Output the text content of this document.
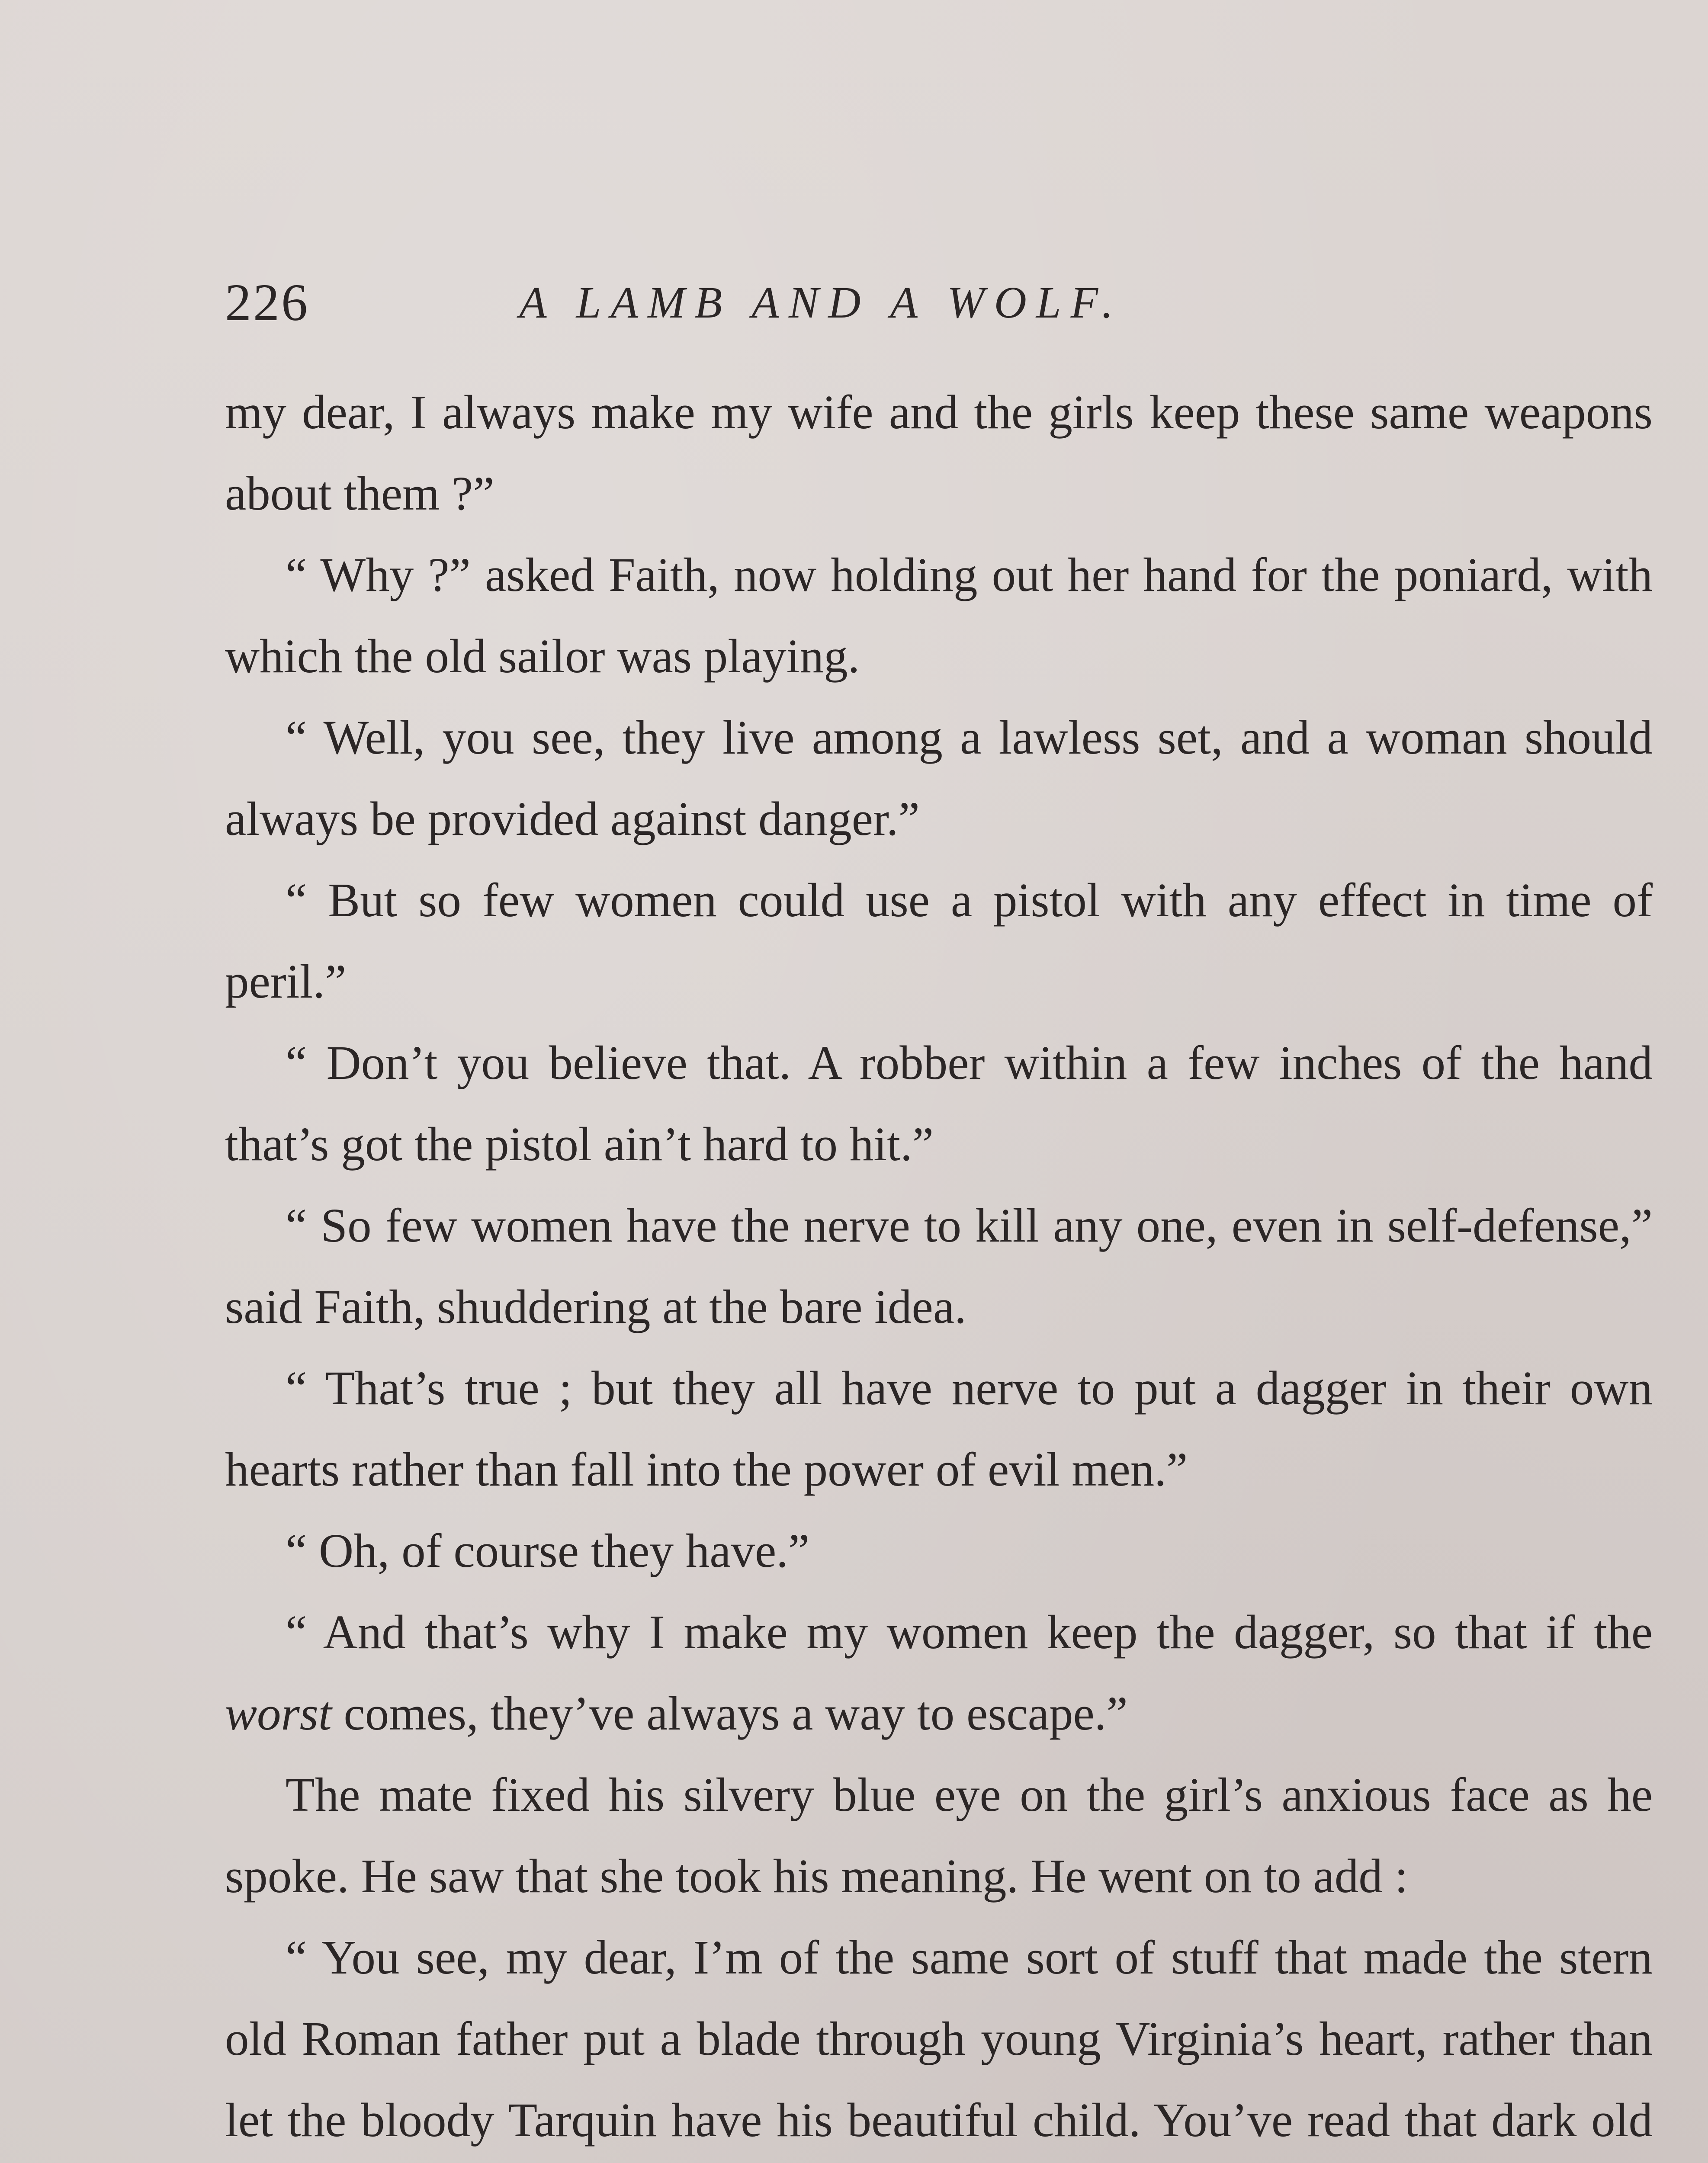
226	A LAMB AND A WOLF.

my dear, I always make my wife and the girls keep these same weapons about them ?”

“ Why ?” asked Faith, now holding out her hand for the poniard, with which the old sailor was playing.

“ Well, you see, they live among a lawless set, and a woman should always be provided against danger.”

“ But so few women could use a pistol with any effect in time of peril.”

“ Don’t you believe that. A robber within a few inches of the hand that’s got the pistol ain’t hard to hit.”

“ So few women have the nerve to kill any one, even in self-defense,” said Faith, shuddering at the bare idea.

“ That’s true ; but they all have nerve to put a dagger in their own hearts rather than fall into the power of evil men.”

“ Oh, of course they have.”

“ And that’s why I make my women keep the dagger, so that if the worst comes, they’ve always a way to escape.”

The mate fixed his silvery blue eye on the girl’s anxious face as he spoke. He saw that she took his meaning. He went on to add :

“ You see, my dear, I’m of the same sort of stuff that made the stern old Roman father put a blade through young Virginia’s heart, rather than let the bloody Tarquin have his beautiful child. You’ve read that dark old
